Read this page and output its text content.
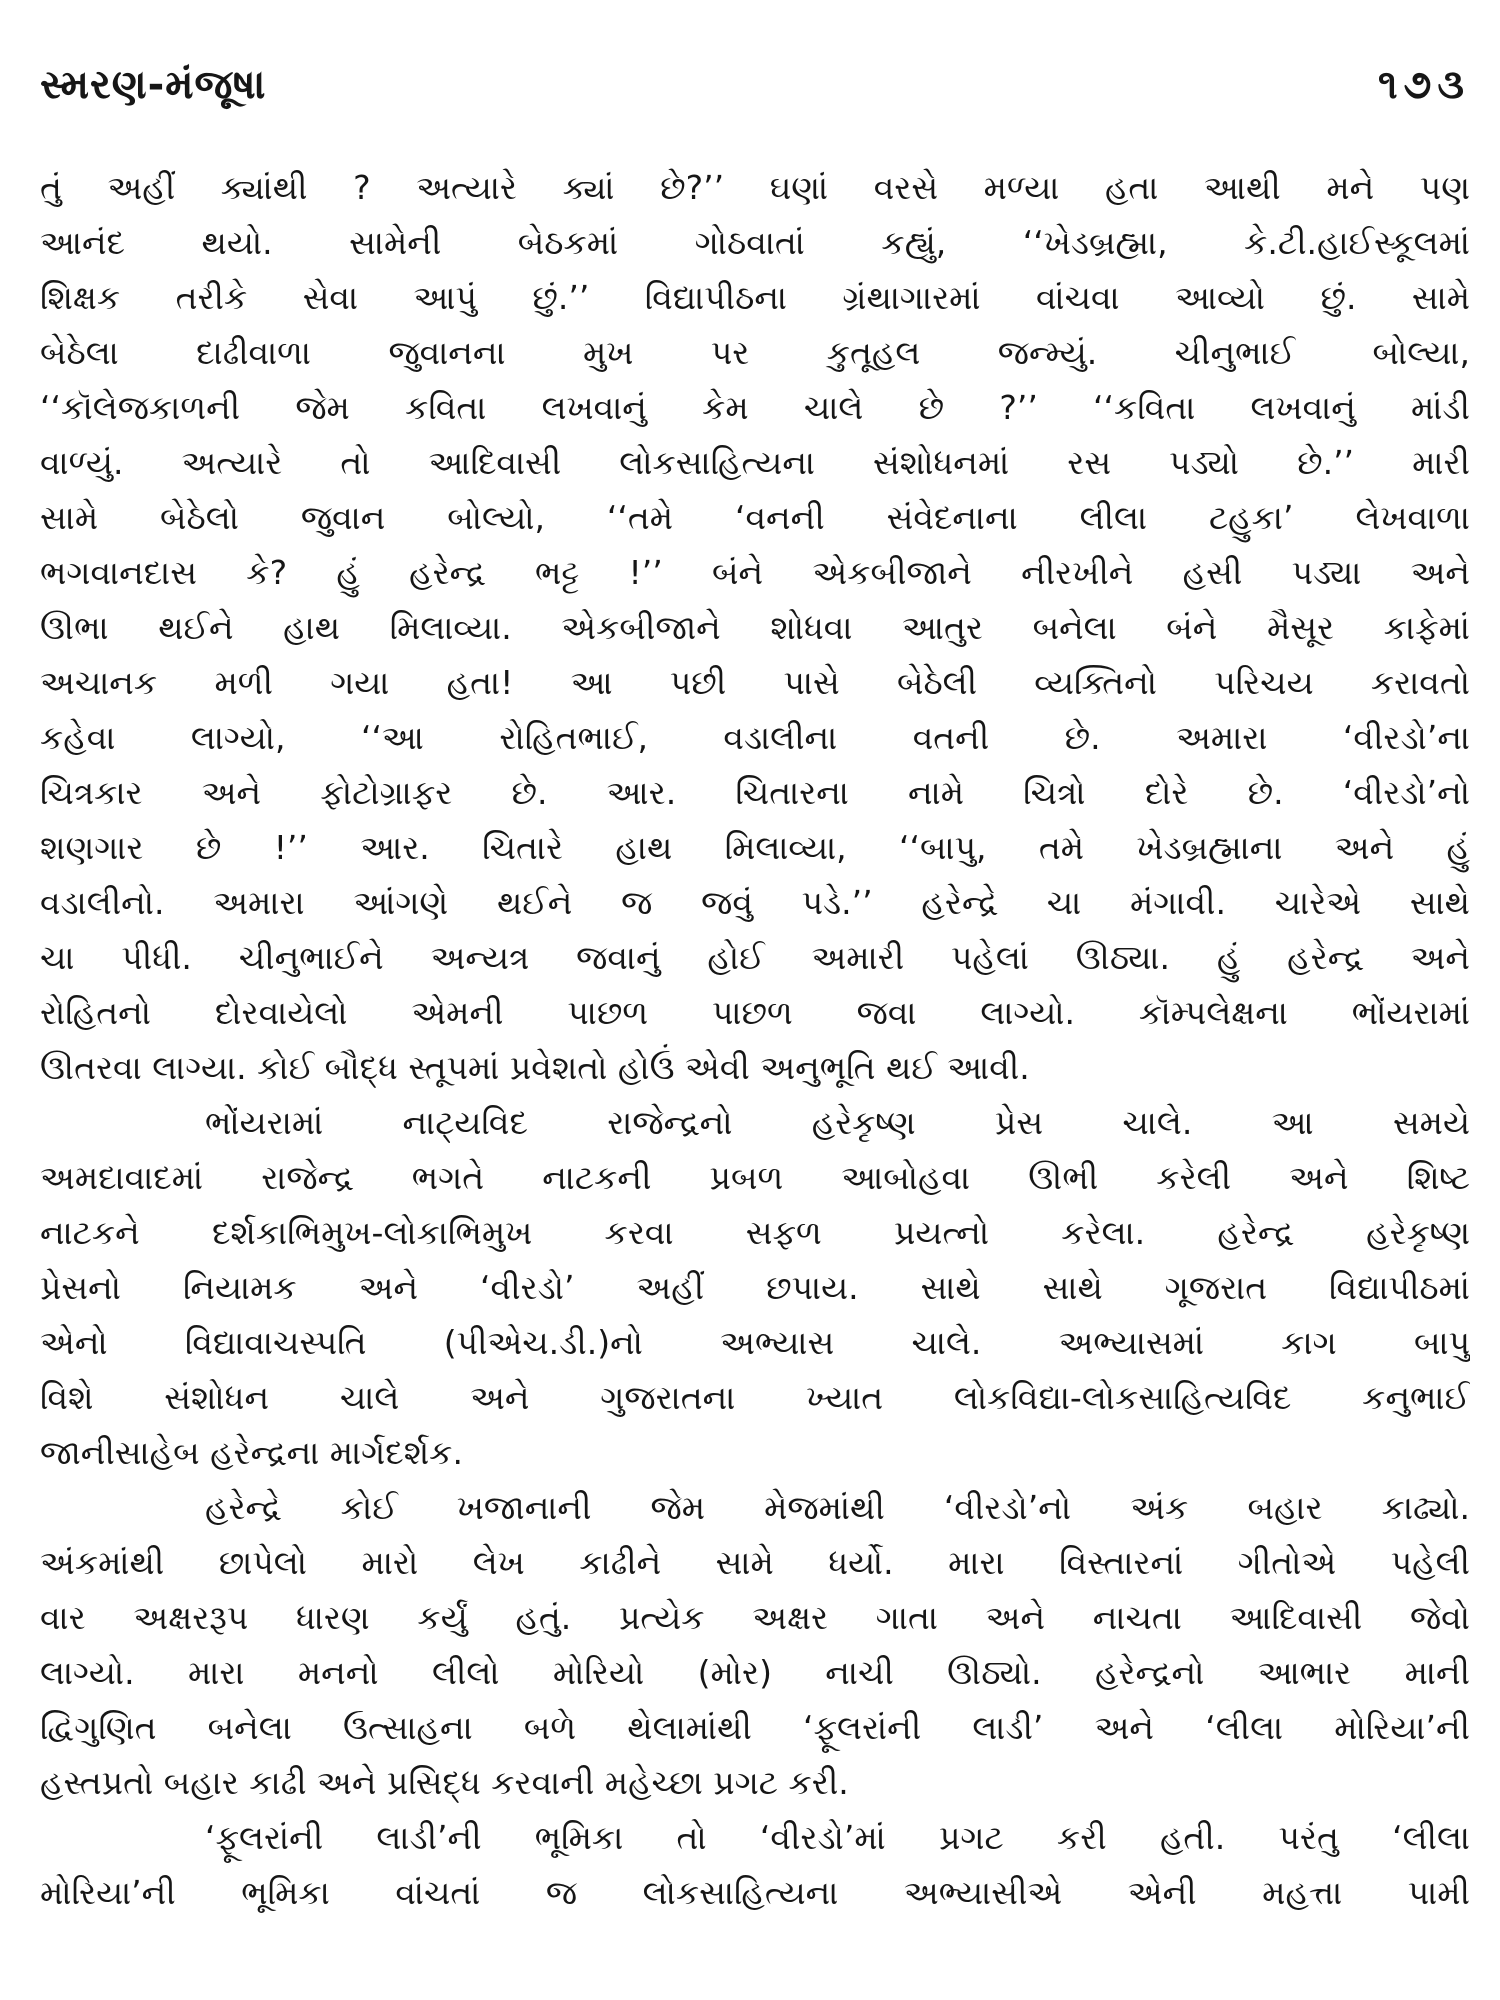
સ્મરણ-મંજૂષા	૧૭૩
તું અહીં ક્યાંથી ? અત્યારે ક્યાં છે?’’ ઘણાં વરસે મળ્યા હતા આથી મને પણ
આનંદ થયો. સામેની બેઠકમાં ગોઠવાતાં કહ્યું, ‘‘ખેડબ્રહ્મા, કે.ટી.હાઈસ્કૂલમાં
શિક્ષક તરીકે સેવા આપું છું.’’ વિદ્યાપીઠના ગ્રંથાગારમાં વાંચવા આવ્યો છું. સામે
બેઠેલા દાઢીવાળા જુવાનના મુખ પર કુતૂહલ જન્મ્યું. ચીનુભાઈ બોલ્યા,
‘‘કૉલેજકાળની જેમ કવિતા લખવાનું કેમ ચાલે છે ?’’ ‘‘કવિતા લખવાનું માંડી
વાળ્યું. અત્યારે તો આદિવાસી લોકસાહિત્યના સંશોધનમાં રસ પડ્યો છે.’’ મારી
સામે બેઠેલો જુવાન બોલ્યો, ‘‘તમે ‘વનની સંવેદનાના લીલા ટહુકા’ લેખવાળા
ભગવાનદાસ કે? હું હરેન્દ્ર ભટ્ટ !’’ બંને એકબીજાને નીરખીને હસી પડ્યા અને
ઊભા થઈને હાથ મિલાવ્યા. એકબીજાને શોધવા આતુર બનેલા બંને મૈસૂર કાફેમાં
અચાનક મળી ગયા હતા! આ પછી પાસે બેઠેલી વ્યક્તિનો પરિચય કરાવતો
કહેવા લાગ્યો, ‘‘આ રોહિતભાઈ, વડાલીના વતની છે. અમારા ‘વીરડો’ના
ચિત્રકાર અને ફોટોગ્રાફર છે. આર. ચિતારના નામે ચિત્રો દોરે છે. ‘વીરડો’નો
શણગાર છે !’’ આર. ચિતારે હાથ મિલાવ્યા, ‘‘બાપુ, તમે ખેડબ્રહ્માના અને હું
વડાલીનો. અમારા આંગણે થઈને જ જવું પડે.’’ હરેન્દ્રે ચા મંગાવી. ચારેએ સાથે
ચા પીધી. ચીનુભાઈને અન્યત્ર જવાનું હોઈ અમારી પહેલાં ઊઠ્યા. હું હરેન્દ્ર અને
રોહિતનો દોરવાયેલો એમની પાછળ પાછળ જવા લાગ્યો. કૉમ્પલેક્ષના ભોંયરામાં
ઊતરવા લાગ્યા. કોઈ બૌદ્ધ સ્તૂપમાં પ્રવેશતો હોઉં એવી અનુભૂતિ થઈ આવી.
ભોંયરામાં નાટ્યવિદ રાજેન્દ્રનો હરેકૃષ્ણ પ્રેસ ચાલે. આ સમયે
અમદાવાદમાં રાજેન્દ્ર ભગતે નાટકની પ્રબળ આબોહવા ઊભી કરેલી અને શિષ્ટ
નાટકને દર્શકાભિમુખ-લોકાભિમુખ કરવા સફળ પ્રયત્નો કરેલા. હરેન્દ્ર હરેકૃષ્ણ
પ્રેસનો નિયામક અને ‘વીરડો’ અહીં છપાય. સાથે સાથે ગૂજરાત વિદ્યાપીઠમાં
એનો વિદ્યાવાચસ્પતિ (પીએચ.ડી.)નો અભ્યાસ ચાલે. અભ્યાસમાં કાગ બાપુ
વિશે સંશોધન ચાલે અને ગુજરાતના ખ્યાત લોકવિદ્યા-લોકસાહિત્યવિદ કનુભાઈ
જાનીસાહેબ હરેન્દ્રના માર્ગદર્શક.
હરેન્દ્રે કોઈ ખજાનાની જેમ મેજમાંથી ‘વીરડો’નો અંક બહાર કાઢ્યો.
અંકમાંથી છાપેલો મારો લેખ કાઢીને સામે ધર્યો. મારા વિસ્તારનાં ગીતોએ પહેલી
વાર અક્ષરરૂપ ધારણ કર્યું હતું. પ્રત્યેક અક્ષર ગાતા અને નાચતા આદિવાસી જેવો
લાગ્યો. મારા મનનો લીલો મોરિયો (મોર) નાચી ઊઠ્યો. હરેન્દ્રનો આભાર માની
દ્વિગુણિત બનેલા ઉત્સાહના બળે થેલામાંથી ‘ફૂલરાંની લાડી’ અને ‘લીલા મોરિયા’ની
હસ્તપ્રતો બહાર કાઢી અને પ્રસિદ્ધ કરવાની મહેચ્છા પ્રગટ કરી.
‘ફૂલરાંની લાડી’ની ભૂમિકા તો ‘વીરડો’માં પ્રગટ કરી હતી. પરંતુ ‘લીલા
મોરિયા’ની ભૂમિકા વાંચતાં જ લોકસાહિત્યના અભ્યાસીએ એની મહત્તા પામી
